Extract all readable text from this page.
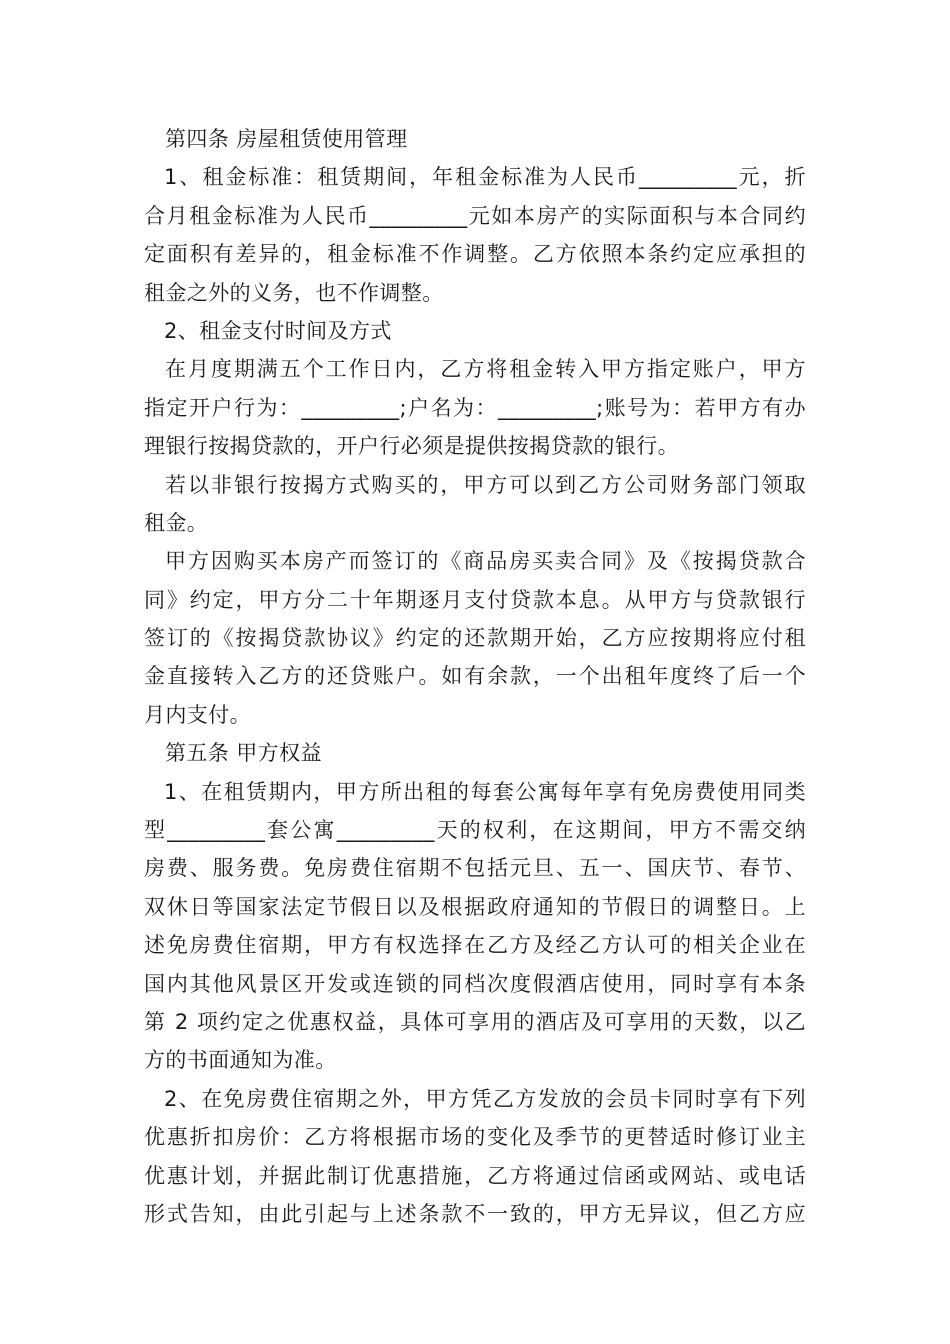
第四条 房屋租赁使用管理
1、租金标准：租赁期间，年租金标准为人民币_________元，折
合月租金标准为人民币_________元如本房产的实际面积与本合同约
定面积有差异的，租金标准不作调整。乙方依照本条约定应承担的
租金之外的义务，也不作调整。
2、租金支付时间及方式
在月度期满五个工作日内，乙方将租金转入甲方指定账户，甲方
指定开户行为：_________;户名为：_________;账号为：若甲方有办
理银行按揭贷款的，开户行必须是提供按揭贷款的银行。
若以非银行按揭方式购买的，甲方可以到乙方公司财务部门领取
租金。
甲方因购买本房产而签订的《商品房买卖合同》及《按揭贷款合
同》约定，甲方分二十年期逐月支付贷款本息。从甲方与贷款银行
签订的《按揭贷款协议》约定的还款期开始，乙方应按期将应付租
金直接转入乙方的还贷账户。如有余款，一个出租年度终了后一个
月内支付。
第五条 甲方权益
1、在租赁期内，甲方所出租的每套公寓每年享有免房费使用同类
型_________套公寓_________天的权利，在这期间，甲方不需交纳
房费、服务费。免房费住宿期不包括元旦、五一、国庆节、春节、
双休日等国家法定节假日以及根据政府通知的节假日的调整日。上
述免房费住宿期，甲方有权选择在乙方及经乙方认可的相关企业在
国内其他风景区开发或连锁的同档次度假酒店使用，同时享有本条
第 2 项约定之优惠权益，具体可享用的酒店及可享用的天数，以乙
方的书面通知为准。
2、在免房费住宿期之外，甲方凭乙方发放的会员卡同时享有下列
优惠折扣房价：乙方将根据市场的变化及季节的更替适时修订业主
优惠计划，并据此制订优惠措施，乙方将通过信函或网站、或电话
形式告知，由此引起与上述条款不一致的，甲方无异议，但乙方应
